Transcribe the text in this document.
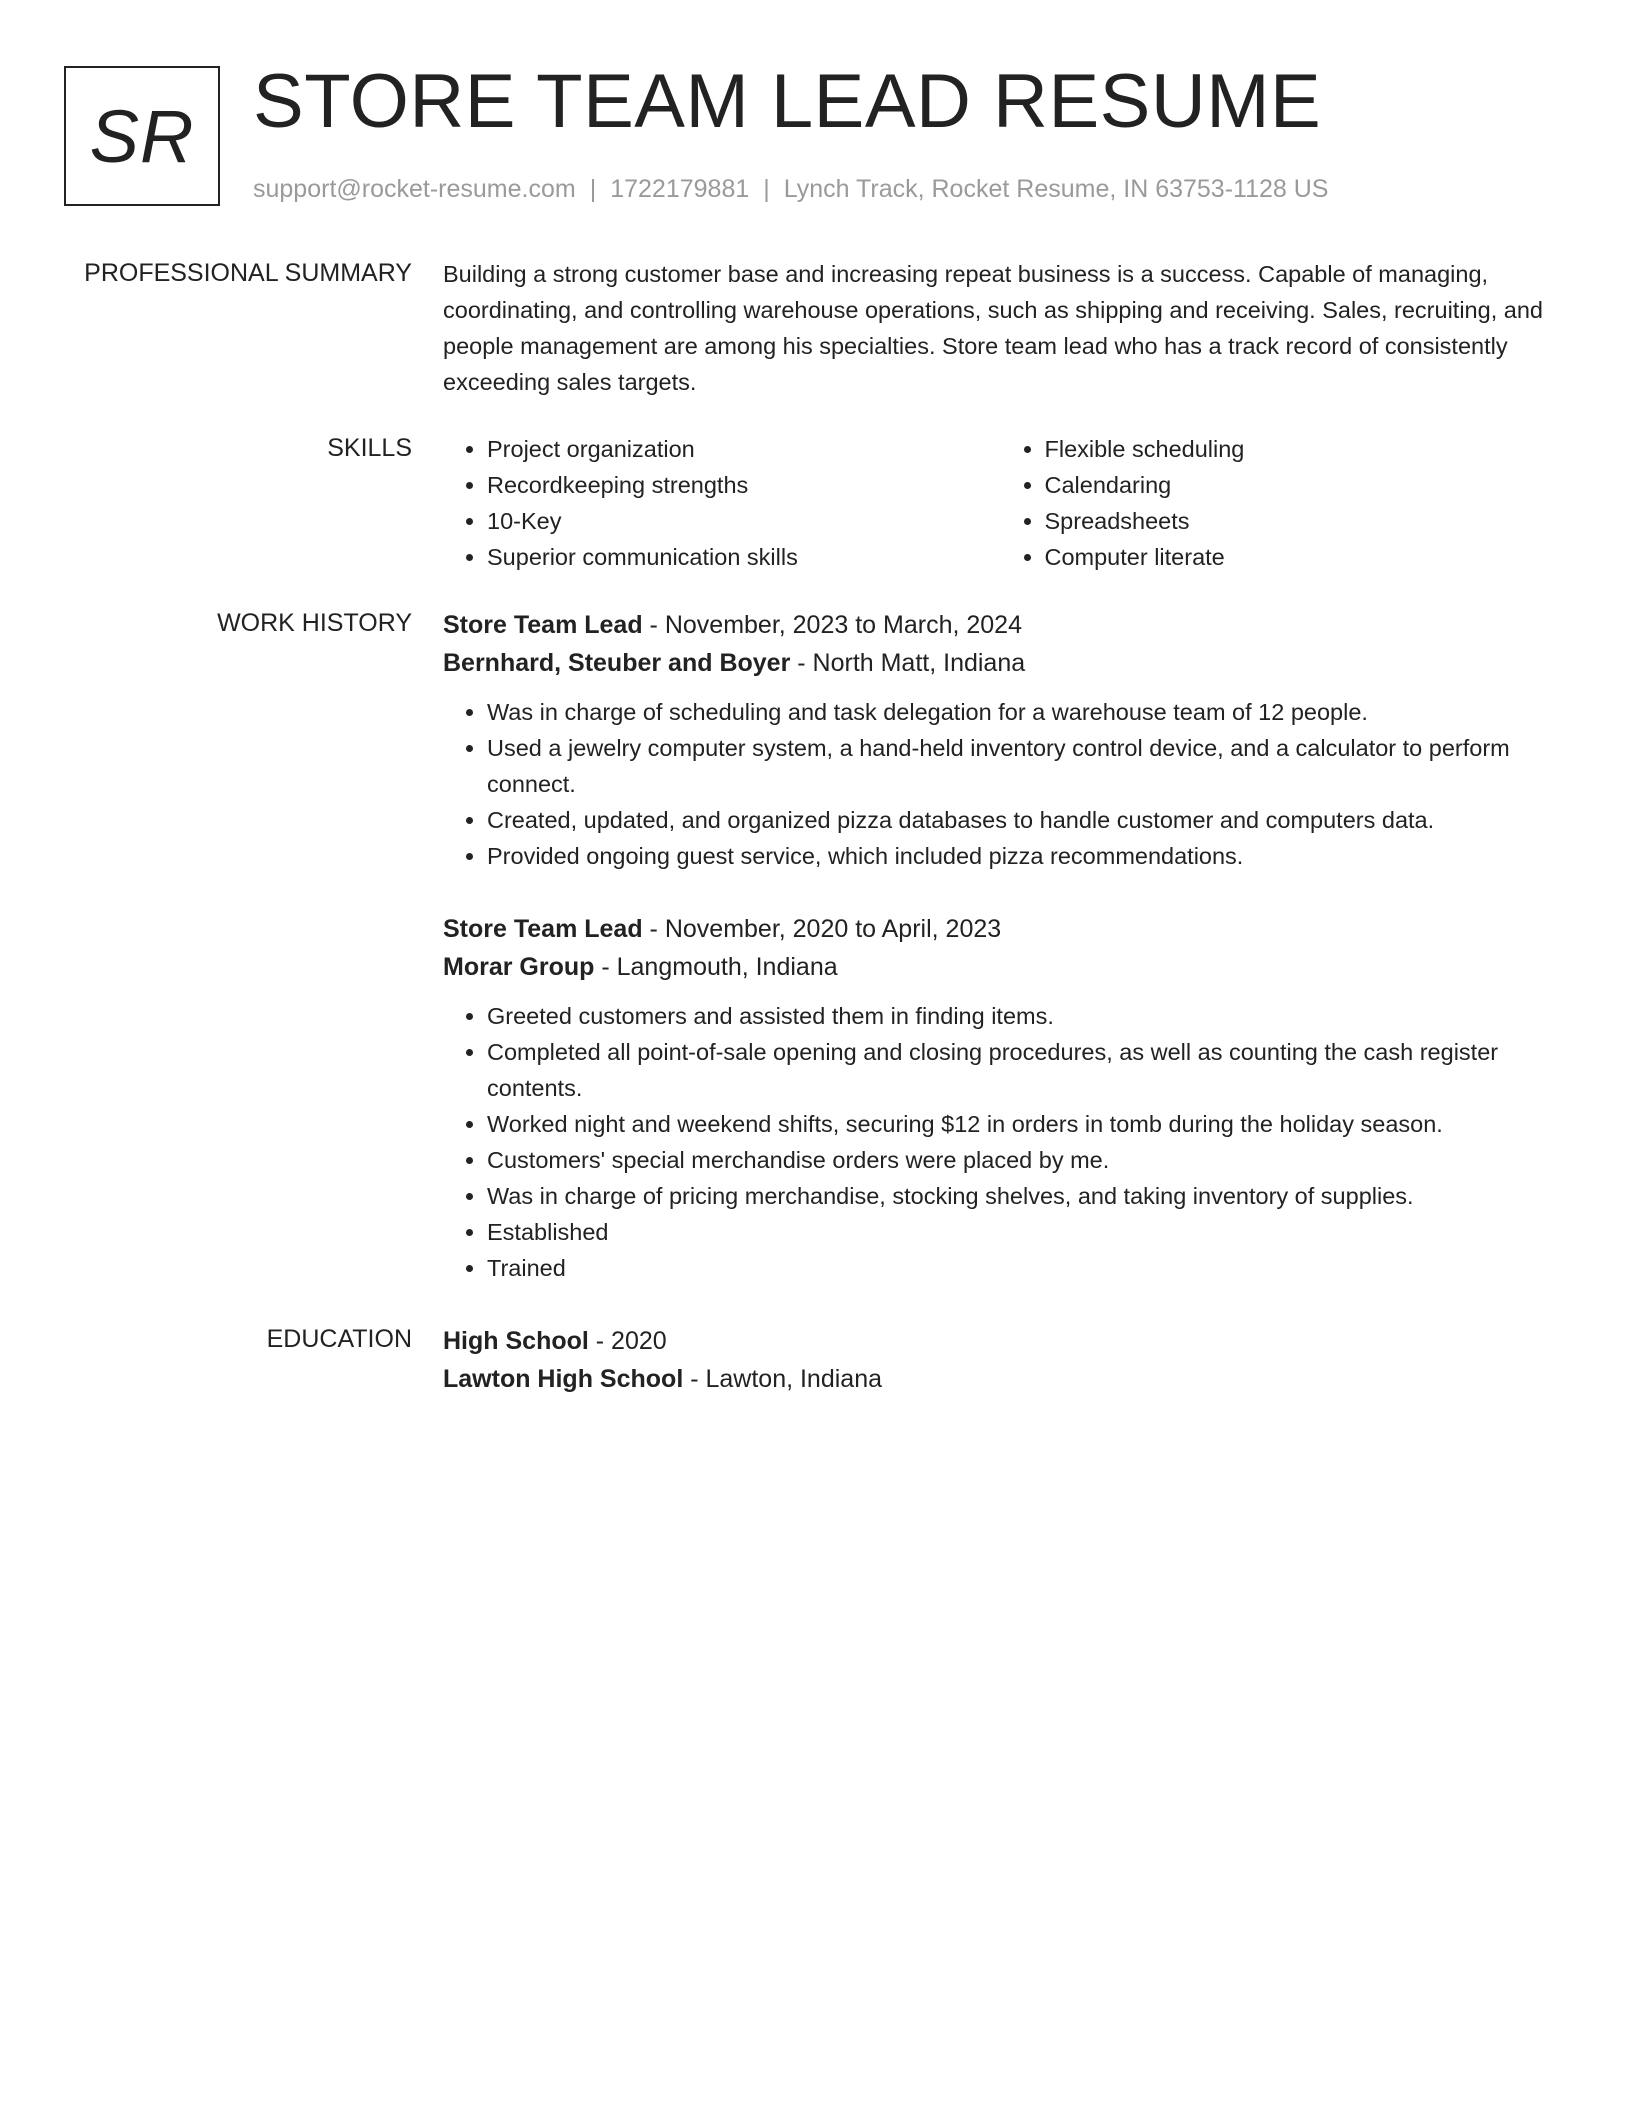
SR STORE TEAM LEAD RESUME
support@rocket-resume.com | 1722179881 | Lynch Track, Rocket Resume, IN 63753-1128 US
PROFESSIONAL SUMMARY Building a strong customer base and increasing repeat business is a success. Capable of managing, coordinating, and controlling warehouse operations, such as shipping and receiving. Sales, recruiting, and people management are among his specialties. Store team lead who has a track record of consistently exceeding sales targets.

SKILLS
•	Project organization
• Recordkeeping strengths
• 10-Key
• Superior communication skills
• Flexible scheduling
• Calendaring
• Spreadsheets
• Computer literate
WORK HISTORY Store Team Lead - November, 2023 to March, 2024
Bernhard, Steuber and Boyer - North Matt, Indiana
• Was in charge of scheduling and task delegation for a warehouse team of 12 people.
• Used a jewelry computer system, a hand-held inventory control device, and a calculator to perform connect.
• Created, updated, and organized pizza databases to handle customer and computers data.
• Provided ongoing guest service, which included pizza recommendations.
Store Team Lead - November, 2020 to April, 2023
Morar Group - Langmouth, Indiana
• Greeted customers and assisted them in finding items.
• Completed all point-of-sale opening and closing procedures, as well as counting the cash register contents.
• Worked night and weekend shifts, securing $12 in orders in tomb during the holiday season.
• Customers' special merchandise orders were placed by me.
• Was in charge of pricing merchandise, stocking shelves, and taking inventory of supplies.
• Established
• Trained
EDUCATION High School - 2020
Lawton High School - Lawton, Indiana
